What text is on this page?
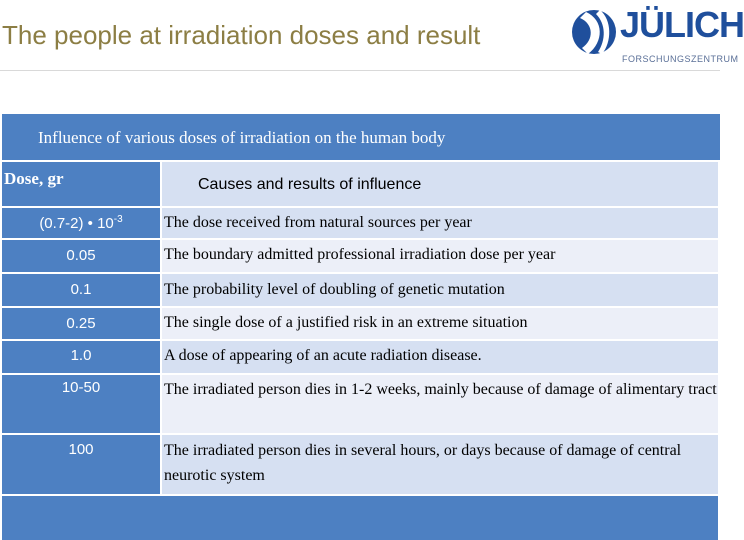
The people at irradiation doses and result	JÜLICH
FORSCHUNGSZENTRUM
Influence of various doses of irradiation on the human body
Dose, gr	Causes and results of influence
(0.7-2) • $10^{-3}$	The dose received from natural sources per year
0.05	The boundary admitted professional irradiation dose per year
0.1	The probability level of doubling of genetic mutation
0.25	The single dose of a justified risk in an extreme situation
1.0	A dose of appearing of an acute radiation disease.
10-50	The irradiated person dies in 1-2 weeks, mainly because of damage of alimentary tract
100	The irradiated person dies in several hours, or days because of damage of central neurotic system
